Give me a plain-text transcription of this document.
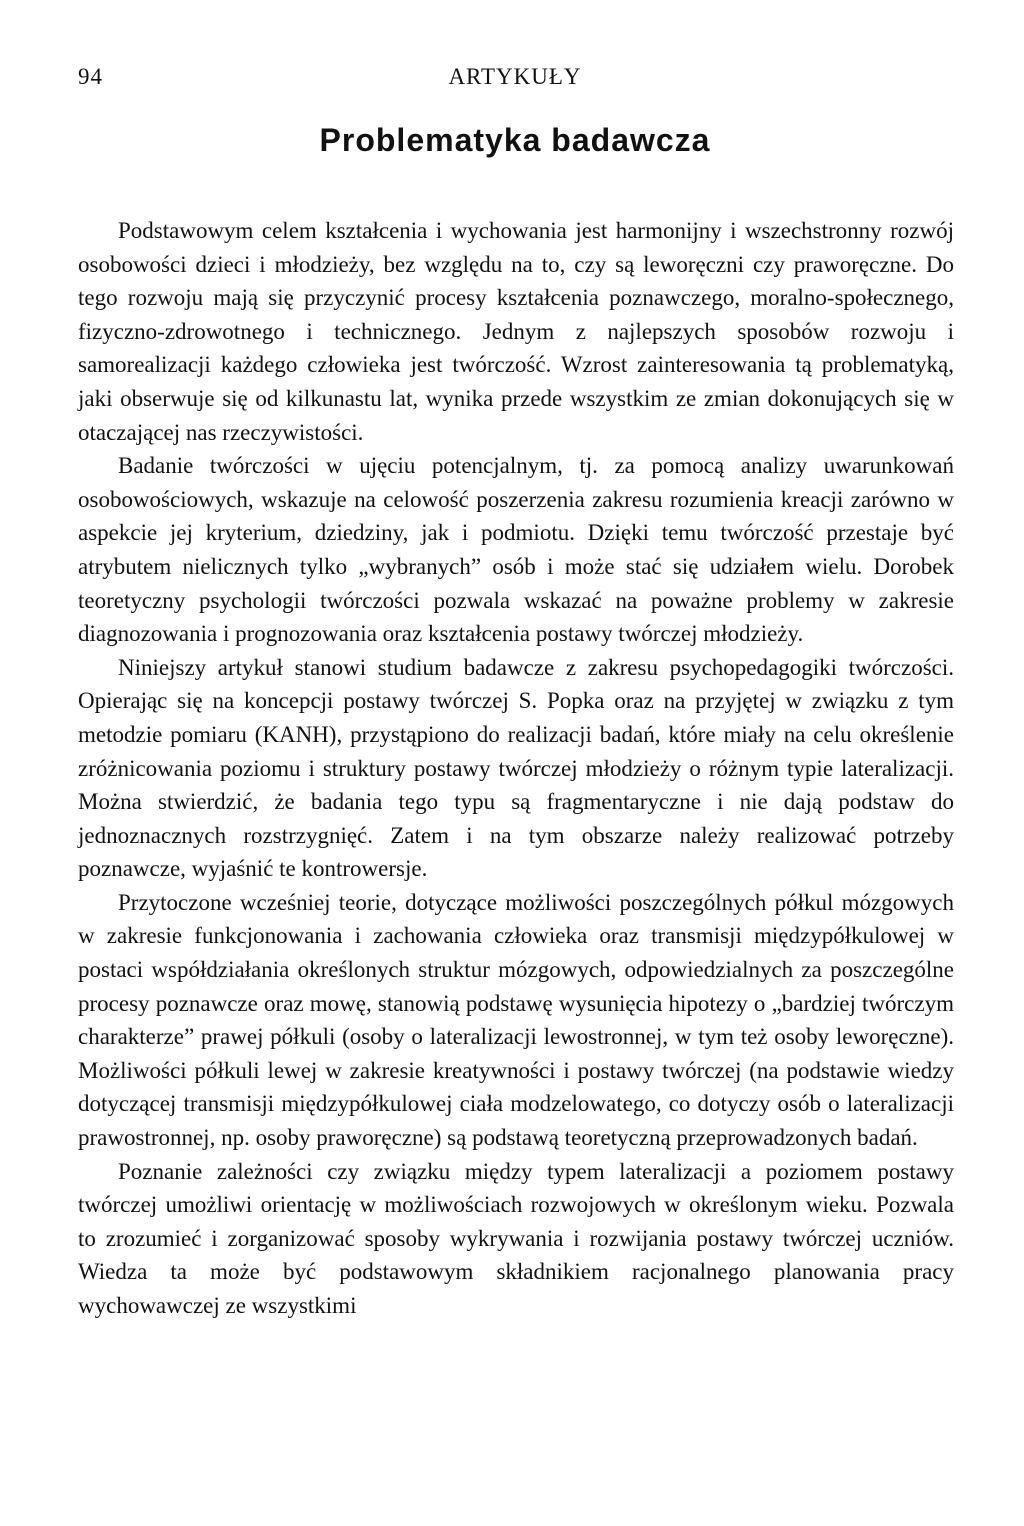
94	ARTYKUŁY
Problematyka badawcza

Podstawowym celem kształcenia i wychowania jest harmonijny i wszechstronny rozwój osobowości dzieci i młodzieży, bez względu na to, czy są leworęczni czy praworęczne. Do tego rozwoju mają się przyczynić procesy kształcenia poznawczego, moralno-społecznego, fizyczno-zdrowotnego i technicznego. Jednym z najlepszych sposobów rozwoju i samorealizacji każdego człowieka jest twórczość. Wzrost zainteresowania tą problematyką, jaki obserwuje się od kilkunastu lat, wynika przede wszystkim ze zmian dokonujących się w otaczającej nas rzeczywistości.

Badanie twórczości w ujęciu potencjalnym, tj. za pomocą analizy uwarunkowań osobowościowych, wskazuje na celowość poszerzenia zakresu rozumienia kreacji zarówno w aspekcie jej kryterium, dziedziny, jak i podmiotu. Dzięki temu twórczość przestaje być atrybutem nielicznych tylko „wybranych” osób i może stać się udziałem wielu. Dorobek teoretyczny psychologii twórczości pozwala wskazać na poważne problemy w zakresie diagnozowania i prognozowania oraz kształcenia postawy twórczej młodzieży.

Niniejszy artykuł stanowi studium badawcze z zakresu psychopedagogiki twórczości. Opierając się na koncepcji postawy twórczej S. Popka oraz na przyjętej w związku z tym metodzie pomiaru (KANH), przystąpiono do realizacji badań, które miały na celu określenie zróżnicowania poziomu i struktury postawy twórczej młodzieży o różnym typie lateralizacji. Można stwierdzić, że badania tego typu są fragmentaryczne i nie dają podstaw do jednoznacznych rozstrzygnięć. Zatem i na tym obszarze należy realizować potrzeby poznawcze, wyjaśnić te kontrowersje.

Przytoczone wcześniej teorie, dotyczące możliwości poszczególnych półkul mózgowych w zakresie funkcjonowania i zachowania człowieka oraz transmisji międzypółkulowej w postaci współdziałania określonych struktur mózgowych, odpowiedzialnych za poszczególne procesy poznawcze oraz mowę, stanowią podstawę wysunięcia hipotezy o „bardziej twórczym charakterze” prawej półkuli (osoby o lateralizacji lewostronnej, w tym też osoby leworęczne). Możliwości półkuli lewej w zakresie kreatywności i postawy twórczej (na podstawie wiedzy dotyczącej transmisji międzypółkulowej ciała modzelowatego, co dotyczy osób o lateralizacji prawostronnej, np. osoby praworęczne) są podstawą teoretyczną przeprowadzonych badań.

Poznanie zależności czy związku między typem lateralizacji a poziomem postawy twórczej umożliwi orientację w możliwościach rozwojowych w określonym wieku. Pozwala to zrozumieć i zorganizować sposoby wykrywania i rozwijania postawy twórczej uczniów. Wiedza ta może być podstawowym składnikiem racjonalnego planowania pracy wychowawczej ze wszystkimi
